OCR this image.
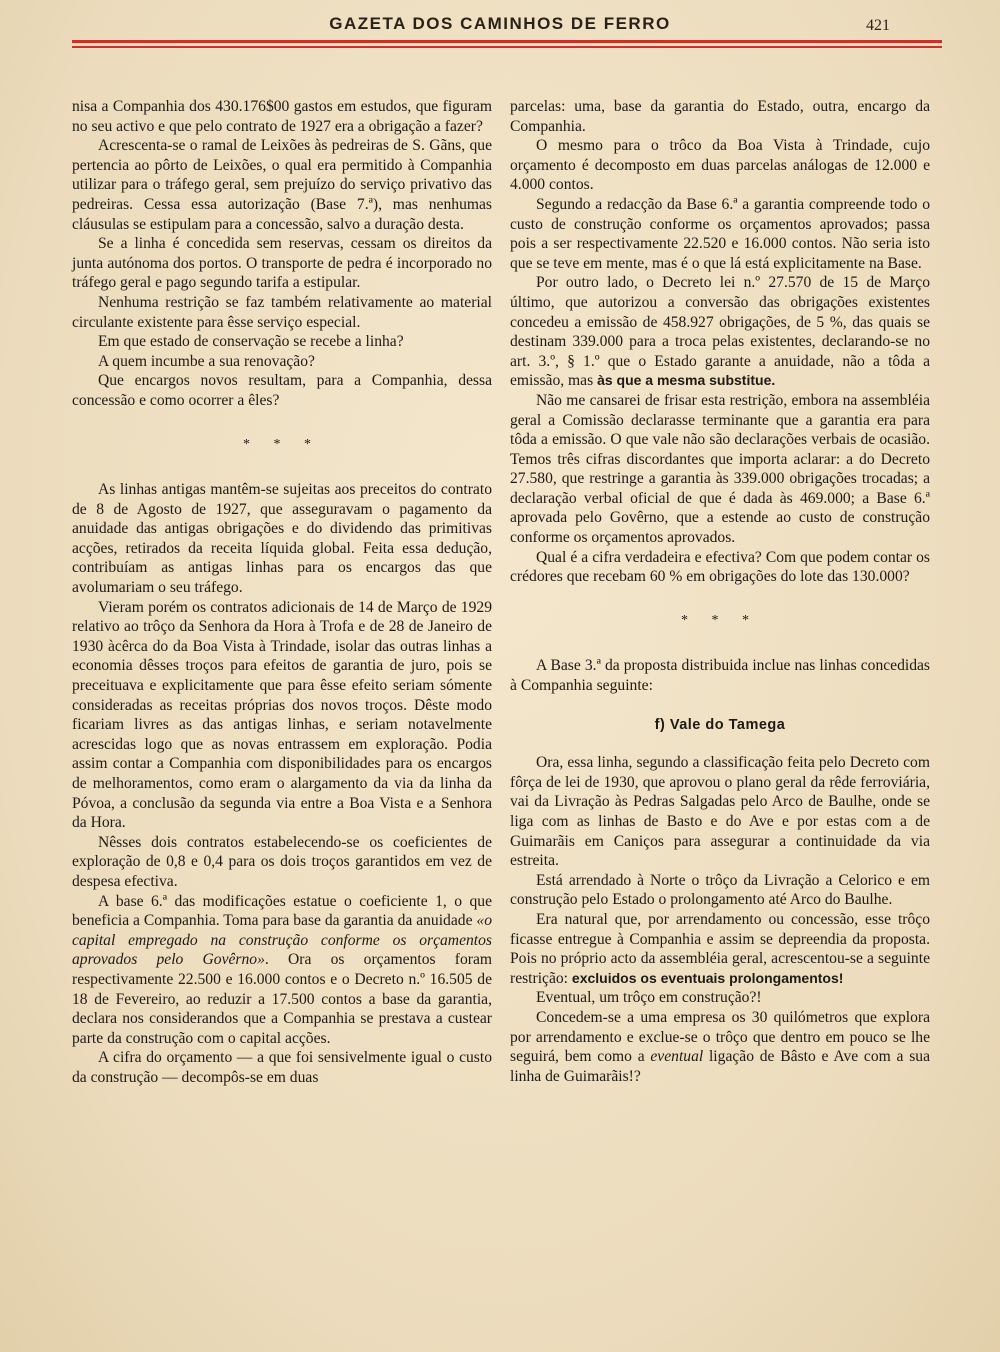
GAZETA DOS CAMINHOS DE FERRO	421

nisa a Companhia dos 430.176$00 gastos em estudos, que figuram no seu activo e que pelo contrato de 1927 era a obrigação a fazer?

Acrescenta-se o ramal de Leixões às pedreiras de S. Gãns, que pertencia ao pôrto de Leixões, o qual era permitido à Companhia utilizar para o tráfego geral, sem prejuízo do serviço privativo das pedreiras. Cessa essa autorização (Base 7.ª), mas nenhumas cláusulas se estipulam para a concessão, salvo a duração desta.

Se a linha é concedida sem reservas, cessam os direitos da junta autónoma dos portos. O transporte de pedra é incorporado no tráfego geral e pago segundo tarifa a estipular.

Nenhuma restrição se faz também relativamente ao material circulante existente para êsse serviço especial.

Em que estado de conservação se recebe a linha?

A quem incumbe a sua renovação?

Que encargos novos resultam, para a Companhia, dessa concessão e como ocorrer a êles?

* * *

As linhas antigas mantêm-se sujeitas aos preceitos do contrato de 8 de Agosto de 1927, que asseguravam o pagamento da anuidade das antigas obrigações e do dividendo das primitivas acções, retirados da receita líquida global. Feita essa dedução, contribuíam as antigas linhas para os encargos das que avolumariam o seu tráfego.

Vieram porém os contratos adicionais de 14 de Março de 1929 relativo ao trôço da Senhora da Hora à Trofa e de 28 de Janeiro de 1930 àcêrca do da Boa Vista à Trindade, isolar das outras linhas a economia dêsses troços para efeitos de garantia de juro, pois se preceituava e explicitamente que para êsse efeito seriam sómente consideradas as receitas próprias dos novos troços. Dêste modo ficariam livres as das antigas linhas, e seriam notavelmente acrescidas logo que as novas entrassem em exploração. Podia assim contar a Companhia com disponibilidades para os encargos de melhoramentos, como eram o alargamento da via da linha da Póvoa, a conclusão da segunda via entre a Boa Vista e a Senhora da Hora.

Nêsses dois contratos estabelecendo-se os coeficientes de exploração de 0,8 e 0,4 para os dois troços garantidos em vez de despesa efectiva.

A base 6.ª das modificações estatue o coeficiente 1, o que beneficia a Companhia. Toma para base da garantia da anuidade «o capital empregado na construção conforme os orçamentos aprovados pelo Govêrno». Ora os orçamentos foram respectivamente 22.500 e 16.000 contos e o Decreto n.º 16.505 de 18 de Fevereiro, ao reduzir a 17.500 contos a base da garantia, declara nos considerandos que a Companhia se prestava a custear parte da construção com o capital acções.

A cifra do orçamento — a que foi sensivelmente igual o custo da construção — decompôs-se em duas

parcelas: uma, base da garantia do Estado, outra, encargo da Companhia.

O mesmo para o trôco da Boa Vista à Trindade, cujo orçamento é decomposto em duas parcelas análogas de 12.000 e 4.000 contos.

Segundo a redacção da Base 6.ª a garantia compreende todo o custo de construção conforme os orçamentos aprovados; passa pois a ser respectivamente 22.520 e 16.000 contos. Não seria isto que se teve em mente, mas é o que lá está explicitamente na Base.

Por outro lado, o Decreto lei n.º 27.570 de 15 de Março último, que autorizou a conversão das obrigações existentes concedeu a emissão de 458.927 obrigações, de 5 %, das quais se destinam 339.000 para a troca pelas existentes, declarando-se no art. 3.º, § 1.º que o Estado garante a anuidade, não a tôda a emissão, mas às que a mesma substitue.

Não me cansarei de frisar esta restrição, embora na assembléia geral a Comissão declarasse terminante que a garantia era para tôda a emissão. O que vale não são declarações verbais de ocasião. Temos três cifras discordantes que importa aclarar: a do Decreto 27.580, que restringe a garantia às 339.000 obrigações trocadas; a declaração verbal oficial de que é dada às 469.000; a Base 6.ª aprovada pelo Govêrno, que a estende ao custo de construção conforme os orçamentos aprovados.

Qual é a cifra verdadeira e efectiva? Com que podem contar os crédores que recebam 60 % em obrigações do lote das 130.000?

* * *

A Base 3.ª da proposta distribuida inclue nas linhas concedidas à Companhia seguinte:

f) Vale do Tamega

Ora, essa linha, segundo a classificação feita pelo Decreto com fôrça de lei de 1930, que aprovou o plano geral da rêde ferroviária, vai da Livração às Pedras Salgadas pelo Arco de Baulhe, onde se liga com as linhas de Basto e do Ave e por estas com a de Guimarãis em Caniços para assegurar a continuidade da via estreita.

Está arrendado à Norte o trôço da Livração a Celorico e em construção pelo Estado o prolongamento até Arco do Baulhe.

Era natural que, por arrendamento ou concessão, esse trôço ficasse entregue à Companhia e assim se depreendia da proposta. Pois no próprio acto da assembléia geral, acrescentou-se a seguinte restrição: excluidos os eventuais prolongamentos!

Eventual, um trôço em construção?!

Concedem-se a uma empresa os 30 quilómetros que explora por arrendamento e exclue-se o trôço que dentro em pouco se lhe seguirá, bem como a eventual ligação de Bâsto e Ave com a sua linha de Guimarãis!?
